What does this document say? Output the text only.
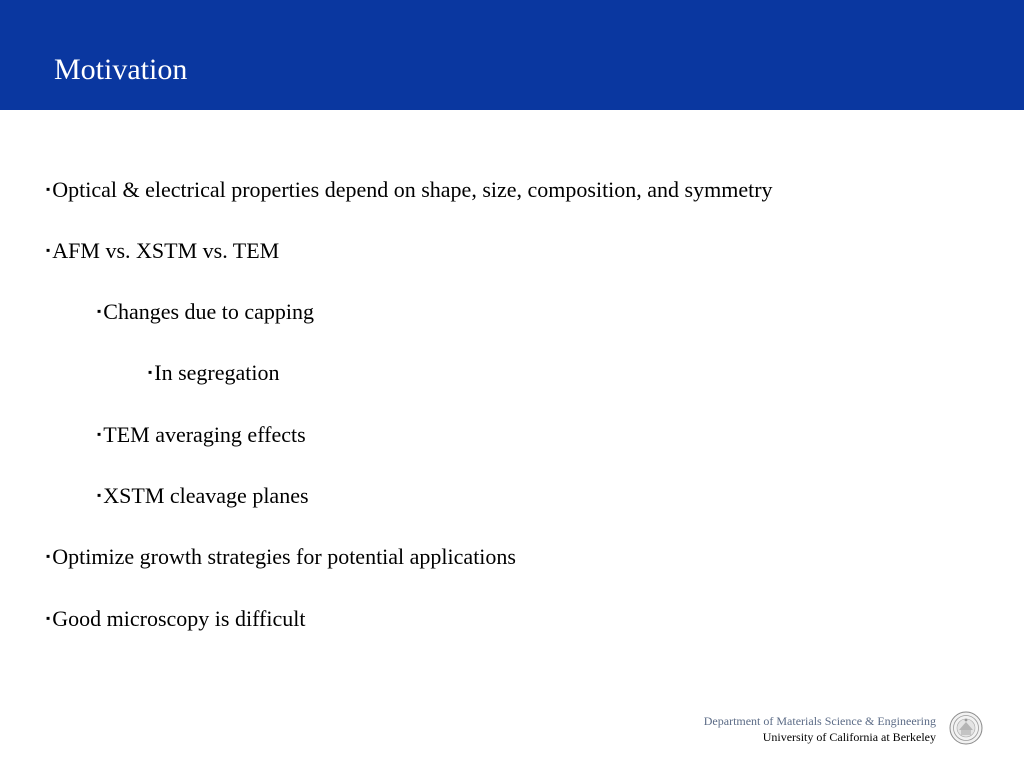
Motivation
▪Optical & electrical properties depend on shape, size, composition, and symmetry
▪AFM vs. XSTM vs. TEM
▪Changes due to capping
▪In segregation
▪TEM averaging effects
▪XSTM cleavage planes
▪Optimize growth strategies for potential applications
▪Good microscopy is difficult
Department of Materials Science & Engineering
University of California at Berkeley
